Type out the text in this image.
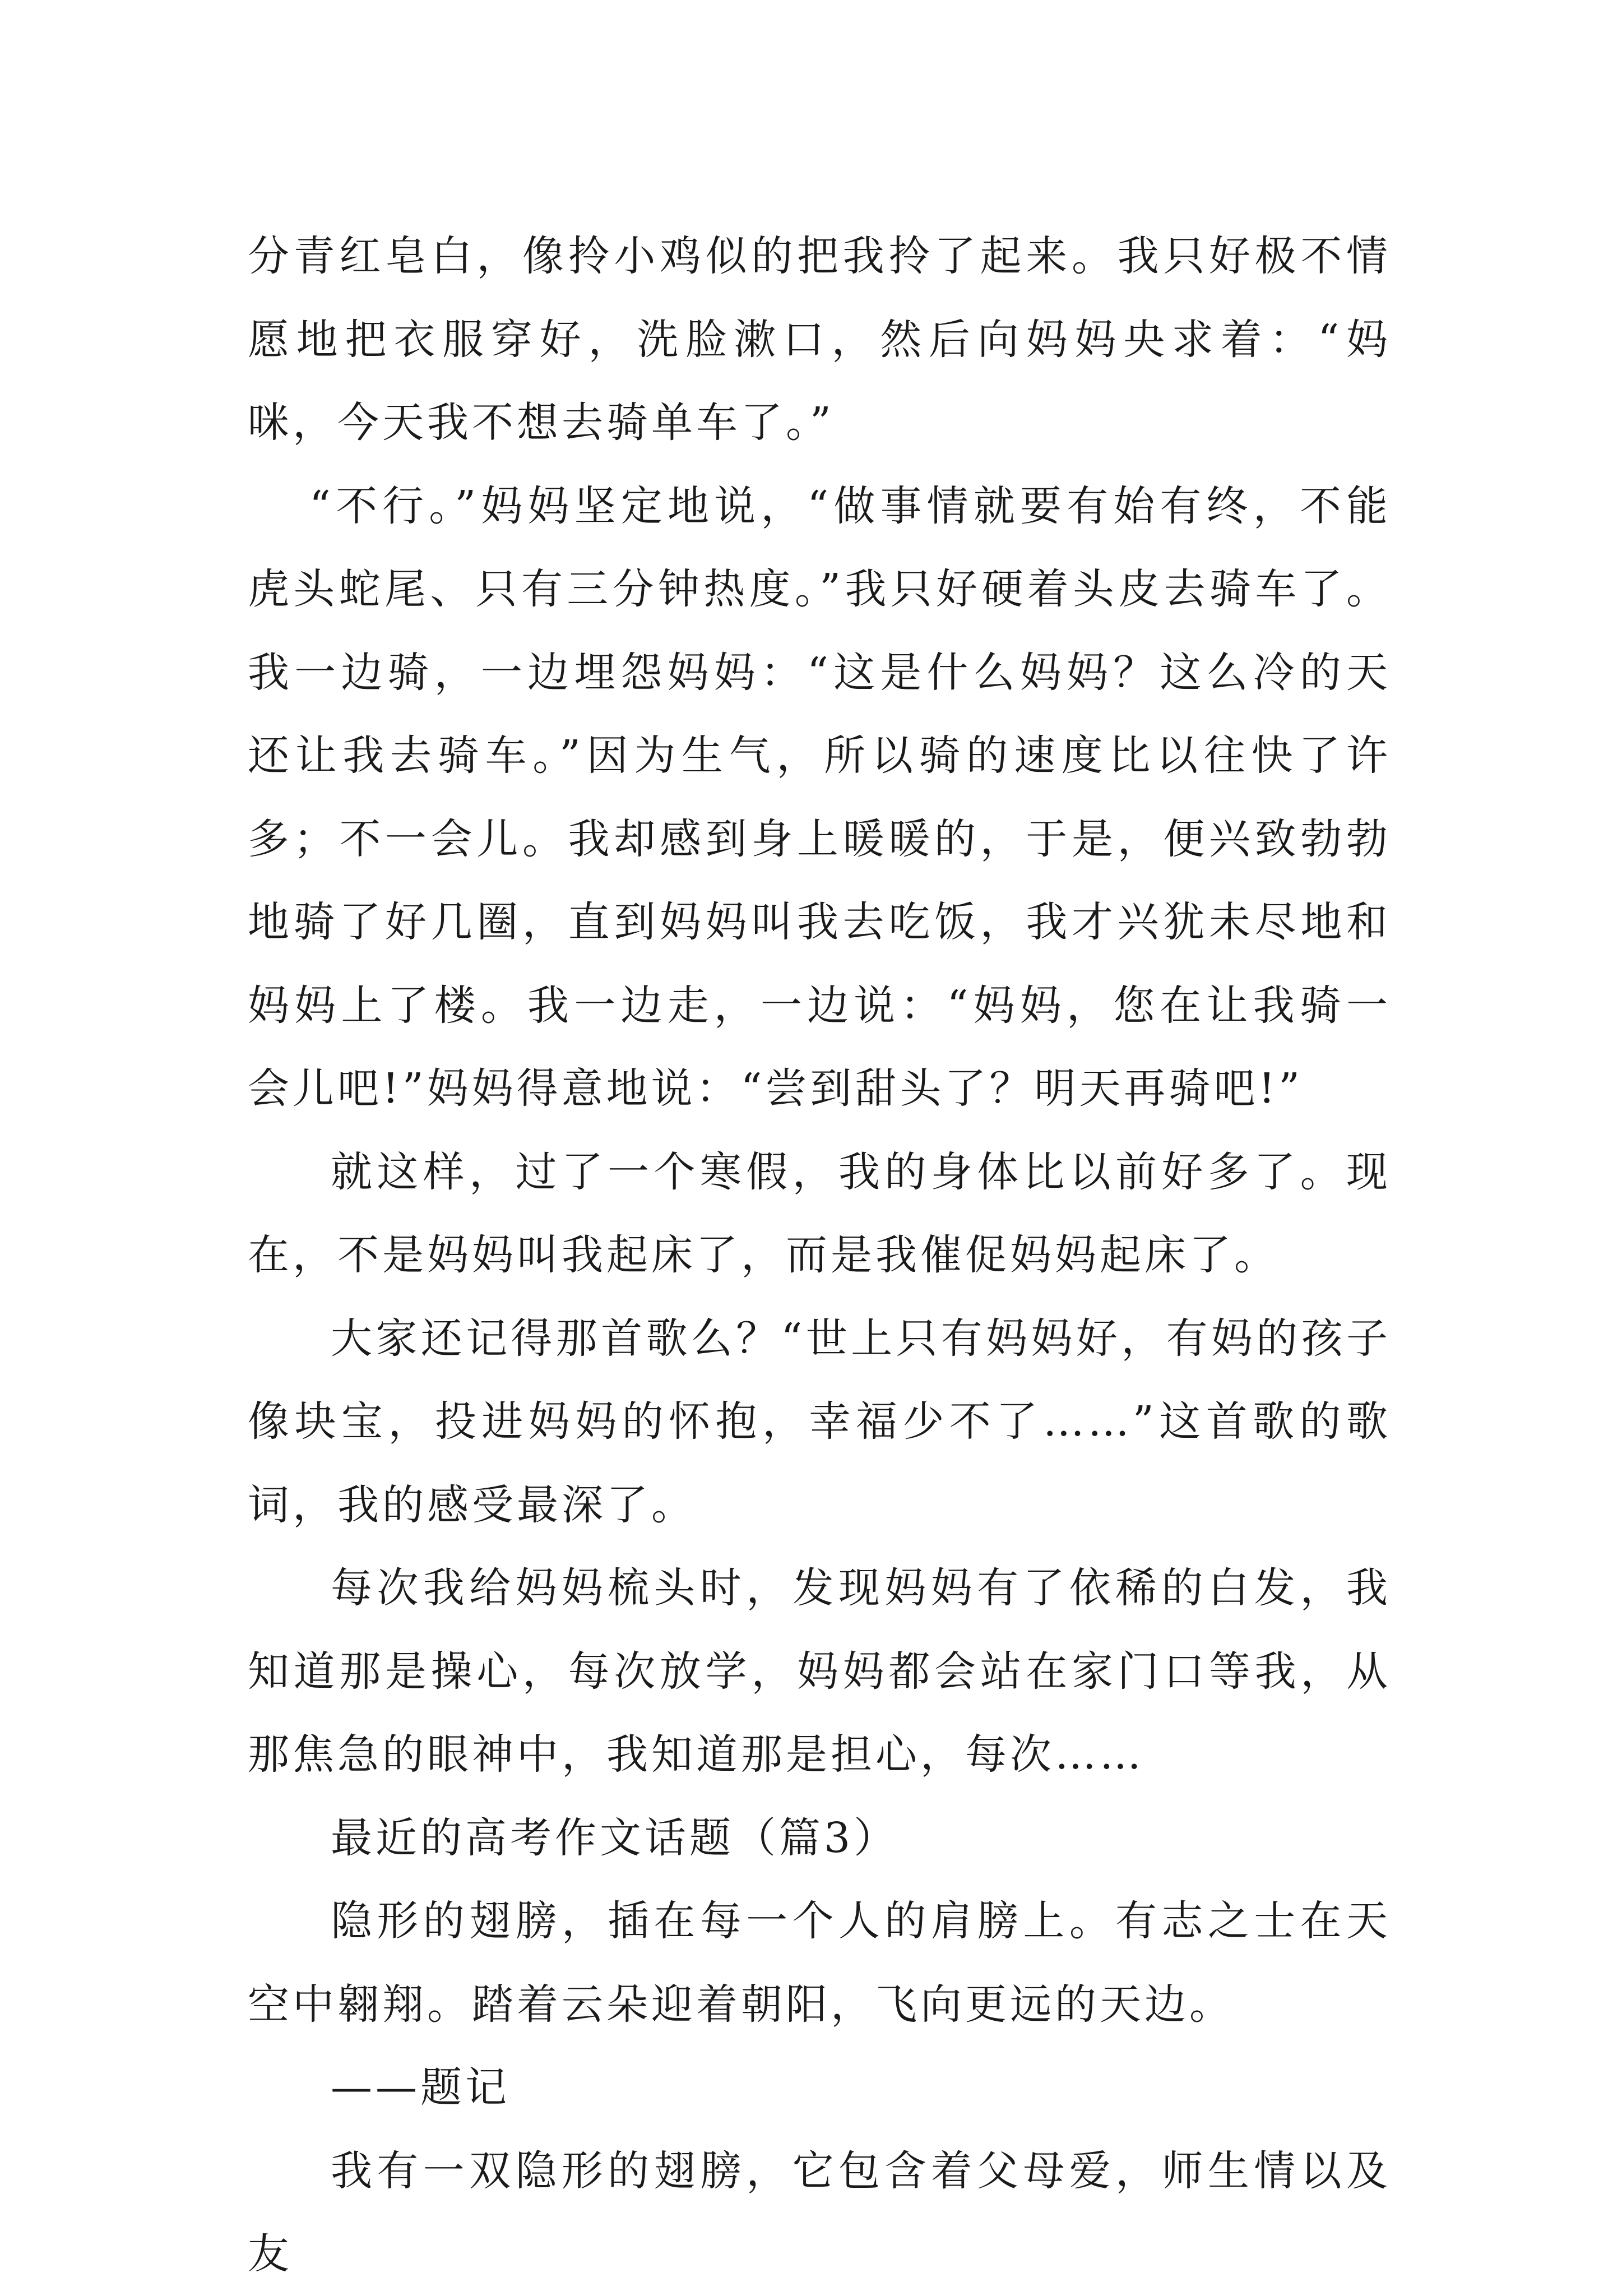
分青红皂白，像拎小鸡似的把我拎了起来。我只好极不情愿地把衣服穿好，洗脸漱口，然后向妈妈央求着：“妈咪，今天我不想去骑单车了。”

“不行。”妈妈坚定地说，“做事情就要有始有终，不能虎头蛇尾、只有三分钟热度。”我只好硬着头皮去骑车了。我一边骑，一边埋怨妈妈：“这是什么妈妈？这么冷的天还让我去骑车。”因为生气，所以骑的速度比以往快了许多；不一会儿。我却感到身上暖暖的，于是，便兴致勃勃地骑了好几圈，直到妈妈叫我去吃饭，我才兴犹未尽地和妈妈上了楼。我一边走，一边说：“妈妈，您在让我骑一会儿吧!”妈妈得意地说：“尝到甜头了？明天再骑吧!”

就这样，过了一个寒假，我的身体比以前好多了。现在，不是妈妈叫我起床了，而是我催促妈妈起床了。

大家还记得那首歌么？“世上只有妈妈好，有妈的孩子像块宝，投进妈妈的怀抱，幸福少不了……”这首歌的歌词，我的感受最深了。

每次我给妈妈梳头时，发现妈妈有了依稀的白发，我知道那是操心，每次放学，妈妈都会站在家门口等我，从那焦急的眼神中，我知道那是担心，每次……

最近的高考作文话题（篇3）

隐形的翅膀，插在每一个人的肩膀上。有志之士在天空中翱翔。踏着云朵迎着朝阳，飞向更远的天边。

——题记

我有一双隐形的翅膀，它包含着父母爱，师生情以及友
